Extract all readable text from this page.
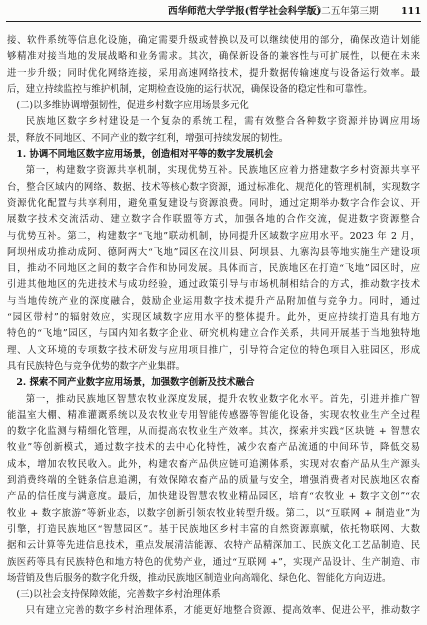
西华师范大学学报(哲学社会科学版)
二〇二五年第三期 111
接、软件系统等信息化设施，确定需要升级或替换以及可以继续使用的部分，确保改造计划能
够精准对接当地的发展战略和业务需求。其次，确保新设备的兼容性与可扩展性，以便在未来
进一步升级；同时优化网络连接，采用高速网络技术，提升数据传输速度与设备运行效率。最
后，建立持续监控与维护机制，定期检查设施的运行状况，确保设备的稳定性和可靠性。
(二)以多维协调增强韧性，促进乡村数字应用场景多元化
民族地区数字乡村建设是一个复杂的系统工程，需有效整合各种数字资源并协调应用场
景，释放不同地区、不同产业的数字红利，增强可持续发展的韧性。
1. 协调不同地区数字应用场景，创造相对平等的数字发展机会
第一，构建数字资源共享机制，实现优势互补。民族地区应着力搭建数字乡村资源共享平
台，整合区域内的网络、数据、技术等核心数字资源，通过标准化、规范化的管理机制，实现数字
资源优化配置与共享利用，避免重复建设与资源浪费。同时，通过定期举办数字合作会议、开
展数字技术交流活动、建立数字合作联盟等方式，加强各地的合作交流，促进数字资源整合
与优势互补。第二，构建数字“飞地”联动机制，协同提升区域数字应用水平。2023 年 2 月，
阿坝州成功推动成阿、德阿两大“飞地”园区在汶川县、阿坝县、九寨沟县等地实施生产建设项
目，推动不同地区之间的数字合作和协同发展。具体而言，民族地区在打造“飞地”园区时，应
引进其他地区的先进技术与成功经验，通过政策引导与市场机制相结合的方式，推动数字技术
与当地传统产业的深度融合，鼓励企业运用数字技术提升产品附加值与竞争力。同时，通过
“园区带村”的辐射效应，实现区域数字应用水平的整体提升。此外，更应持续打造具有地方
特色的“飞地”园区，与国内知名数字企业、研究机构建立合作关系，共同开展基于当地独特地
理、人文环境的专项数字技术研发与应用项目推广，引导符合定位的特色项目入驻园区，形成
具有民族特色与竞争优势的数字产业集群。
2. 探索不同产业数字应用场景，加强数字创新及技术融合
第一，推动民族地区智慧农牧业深度发展，提升农牧业数字化水平。首先，引进并推广智
能温室大棚、精准灌溉系统以及农牧业专用智能传感器等智能化设备，实现农牧业生产全过程
的数字化监测与精细化管理，从而提高农牧业生产效率。其次，探索并实践“区块链 + 智慧农
牧业”等创新模式，通过数字技术的去中心化特性，减少农畜产品流通的中间环节，降低交易
成本，增加农牧民收入。此外，构建农畜产品供应链可追溯体系，实现对农畜产品从生产源头
到消费终端的全链条信息追溯，有效保障农畜产品的质量与安全，增强消费者对民族地区农畜
产品的信任度与满意度。最后，加快建设智慧农牧业精品园区，培育“农牧业 + 数字文创”“农
牧业 + 数字旅游”等新业态，以数字创新引领农牧业转型升级。第二，以“互联网 + 制造业”为
引擎，打造民族地区“智慧园区”。基于民族地区乡村丰富的自然资源禀赋，依托物联网、大数
据和云计算等先进信息技术，重点发展清洁能源、农特产品精深加工、民族文化工艺品制造、民
族医药等具有民族特色和地方特色的优势产业，通过“互联网 +”，实现产品设计、生产制造、市
场营销及售后服务的数字化升级，推动民族地区制造业向高端化、绿色化、智能化方向迈进。
(三)以社会支持保障效能，完善数字乡村治理体系
只有建立完善的数字乡村治理体系，才能更好地整合资源、提高效率、促进公平，推动数字
